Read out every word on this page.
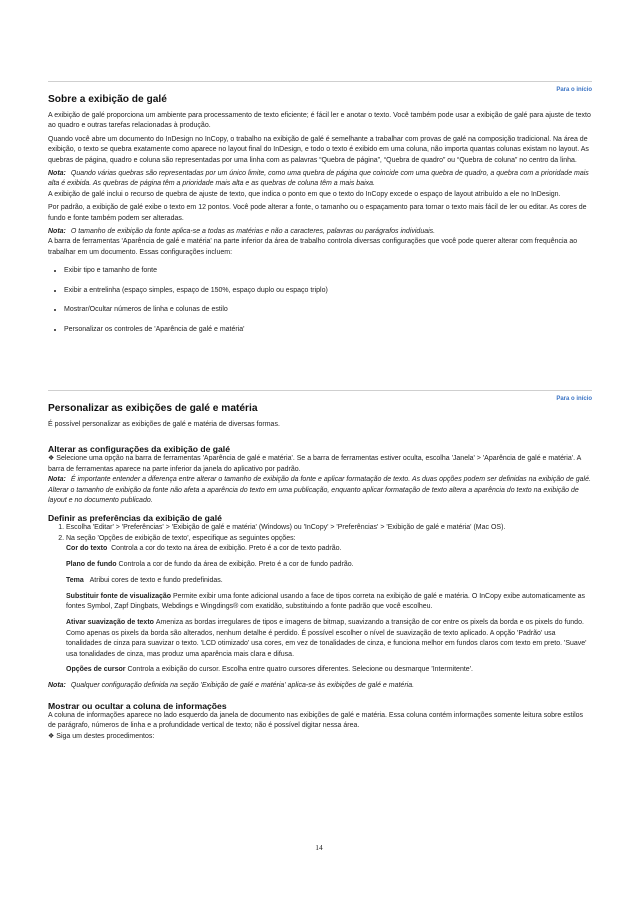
Para o início
Sobre a exibição de galé

A exibição de galé proporciona um ambiente para processamento de texto eficiente; é fácil ler e anotar o texto. Você também pode usar a exibição de galé para ajuste de texto ao quadro e outras tarefas relacionadas à produção.

Quando você abre um documento do InDesign no InCopy, o trabalho na exibição de galé é semelhante a trabalhar com provas de galé na composição tradicional. Na área de exibição, o texto se quebra exatamente como aparece no layout final do InDesign, e todo o texto é exibido em uma coluna, não importa quantas colunas existam no layout. As quebras de página, quadro e coluna são representadas por uma linha com as palavras “Quebra de página”, “Quebra de quadro” ou “Quebra de coluna” no centro da linha.

Nota: Quando várias quebras são representadas por um único limite, como uma quebra de página que coincide com uma quebra de quadro, a quebra com a prioridade mais alta é exibida. As quebras de página têm a prioridade mais alta e as quebras de coluna têm a mais baixa.

A exibição de galé inclui o recurso de quebra de ajuste de texto, que indica o ponto em que o texto do InCopy excede o espaço de layout atribuído a ele no InDesign.

Por padrão, a exibição de galé exibe o texto em 12 pontos. Você pode alterar a fonte, o tamanho ou o espaçamento para tornar o texto mais fácil de ler ou editar. As cores de fundo e fonte também podem ser alteradas.

Nota: O tamanho de exibição da fonte aplica-se a todas as matérias e não a caracteres, palavras ou parágrafos individuais.

A barra de ferramentas 'Aparência de galé e matéria' na parte inferior da área de trabalho controla diversas configurações que você pode querer alterar com frequência ao trabalhar em um documento. Essas configurações incluem:

• Exibir tipo e tamanho de fonte
• Exibir a entrelinha (espaço simples, espaço de 150%, espaço duplo ou espaço triplo)
• Mostrar/Ocultar números de linha e colunas de estilo
• Personalizar os controles de 'Aparência de galé e matéria'
Para o início
Personalizar as exibições de galé e matéria

É possível personalizar as exibições de galé e matéria de diversas formas.

Alterar as configurações da exibição de galé

❖ Selecione uma opção na barra de ferramentas 'Aparência de galé e matéria'. Se a barra de ferramentas estiver oculta, escolha 'Janela' > 'Aparência de galé e matéria'. A barra de ferramentas aparece na parte inferior da janela do aplicativo por padrão.

Nota: É importante entender a diferença entre alterar o tamanho de exibição da fonte e aplicar formatação de texto. As duas opções podem ser definidas na exibição de galé. Alterar o tamanho de exibição da fonte não afeta a aparência do texto em uma publicação, enquanto aplicar formatação de texto altera a aparência do texto na exibição de layout e no documento publicado.

Definir as preferências da exibição de galé
1. Escolha 'Editar' > 'Preferências' > 'Exibição de galé e matéria' (Windows) ou 'InCopy' > 'Preferências' > 'Exibição de galé e matéria' (Mac OS).
2. Na seção 'Opções de exibição de texto', especifique as seguintes opções:
Cor do texto Controla a cor do texto na área de exibição. Preto é a cor de texto padrão.
Plano de fundo Controla a cor de fundo da área de exibição. Preto é a cor de fundo padrão.
Tema Atribui cores de texto e fundo predefinidas.
Substituir fonte de visualização Permite exibir uma fonte adicional usando a face de tipos correta na exibição de galé e matéria. O InCopy exibe automaticamente as fontes Symbol, Zapf Dingbats, Webdings e Wingdings® com exatidão, substituindo a fonte padrão que você escolheu.
Ativar suavização de texto Ameniza as bordas irregulares de tipos e imagens de bitmap, suavizando a transição de cor entre os pixels da borda e os pixels do fundo. Como apenas os pixels da borda são alterados, nenhum detalhe é perdido. É possível escolher o nível de suavização de texto aplicado. A opção 'Padrão' usa tonalidades de cinza para suavizar o texto. 'LCD otimizado' usa cores, em vez de tonalidades de cinza, e funciona melhor em fundos claros com texto em preto. 'Suave' usa tonalidades de cinza, mas produz uma aparência mais clara e difusa.
Opções de cursor Controla a exibição do cursor. Escolha entre quatro cursores diferentes. Selecione ou desmarque 'Intermitente'.

Nota: Qualquer configuração definida na seção 'Exibição de galé e matéria' aplica-se às exibições de galé e matéria.

Mostrar ou ocultar a coluna de informações

A coluna de informações aparece no lado esquerdo da janela de documento nas exibições de galé e matéria. Essa coluna contém informações somente leitura sobre estilos de parágrafo, números de linha e a profundidade vertical de texto; não é possível digitar nessa área.

❖ Siga um destes procedimentos:

14
